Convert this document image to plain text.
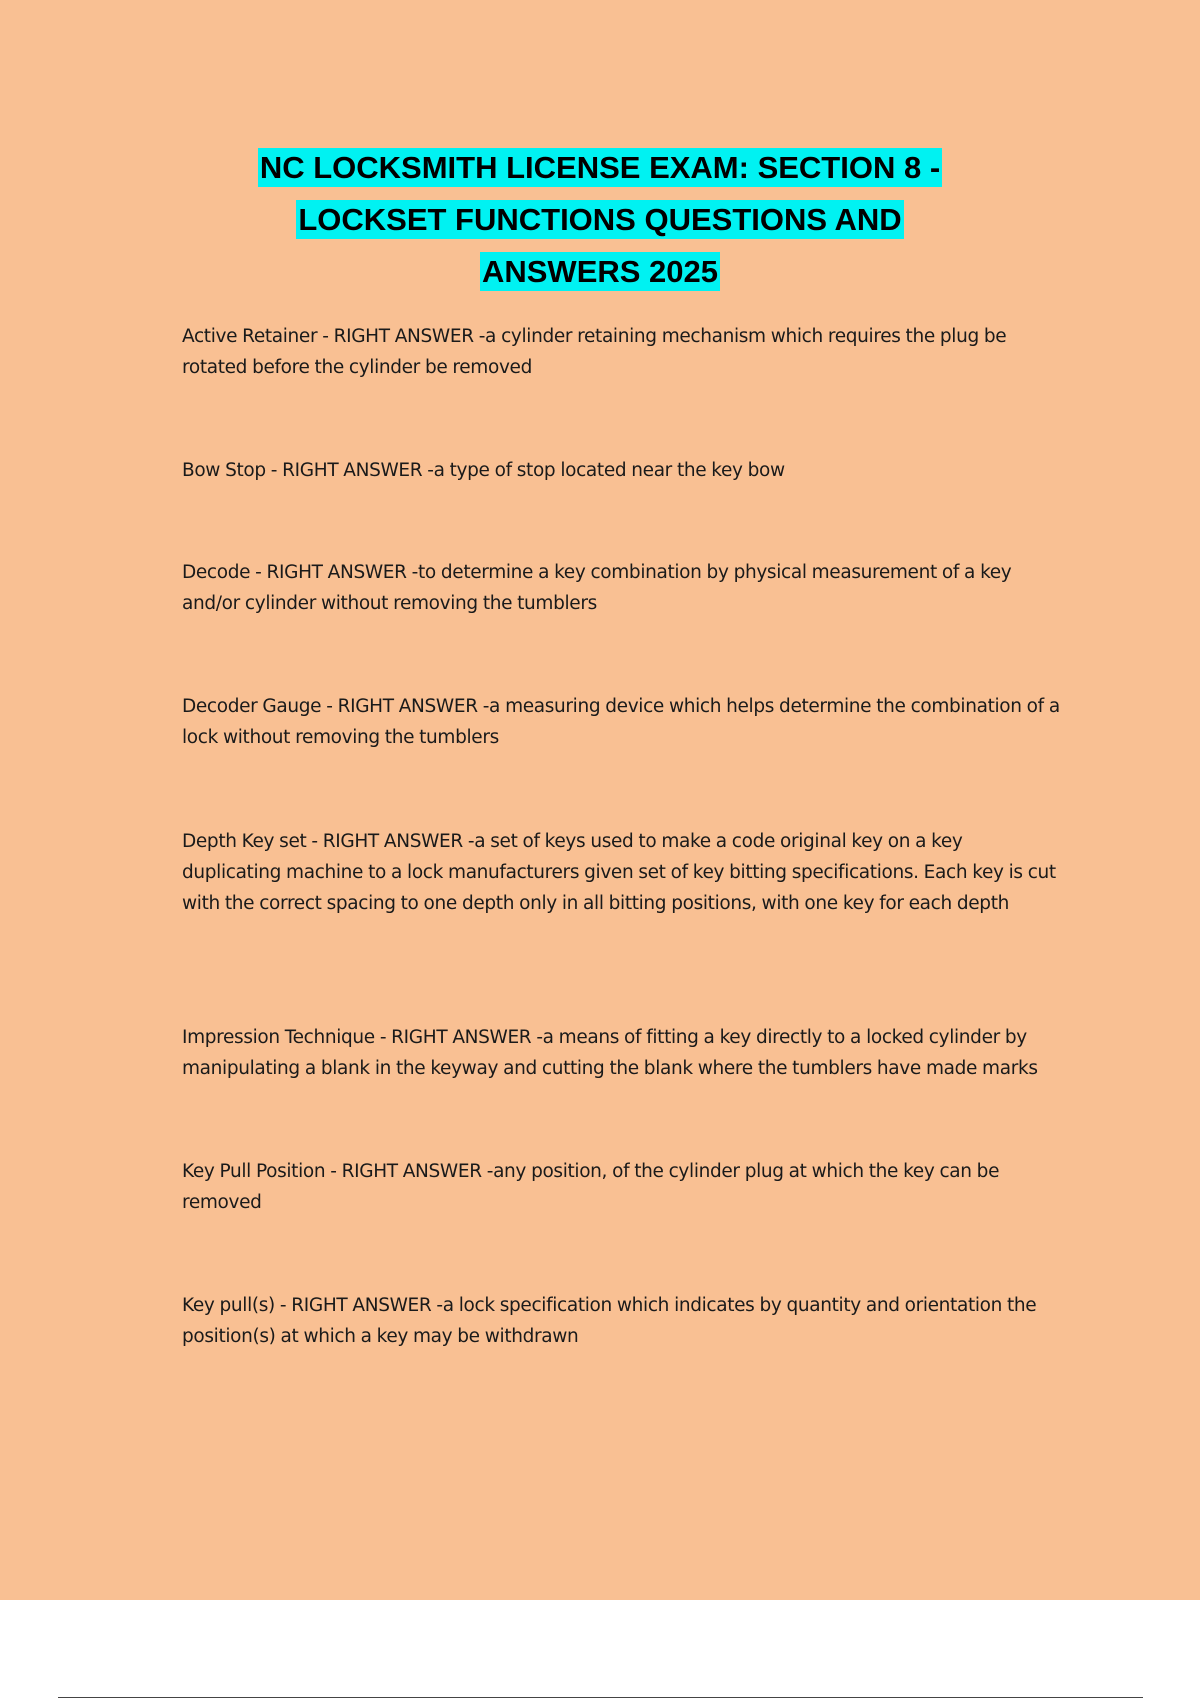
NC LOCKSMITH LICENSE EXAM: SECTION 8 -
LOCKSET FUNCTIONS QUESTIONS AND
ANSWERS 2025

Active Retainer - RIGHT ANSWER -a cylinder retaining mechanism which requires the plug be rotated before the cylinder be removed

Bow Stop - RIGHT ANSWER -a type of stop located near the key bow

Decode - RIGHT ANSWER -to determine a key combination by physical measurement of a key and/or cylinder without removing the tumblers

Decoder Gauge - RIGHT ANSWER -a measuring device which helps determine the combination of a lock without removing the tumblers

Depth Key set - RIGHT ANSWER -a set of keys used to make a code original key on a key duplicating machine to a lock manufacturers given set of key bitting specifications. Each key is cut with the correct spacing to one depth only in all bitting positions, with one key for each depth

Impression Technique - RIGHT ANSWER -a means of fitting a key directly to a locked cylinder by manipulating a blank in the keyway and cutting the blank where the tumblers have made marks

Key Pull Position - RIGHT ANSWER -any position, of the cylinder plug at which the key can be removed

Key pull(s) - RIGHT ANSWER -a lock specification which indicates by quantity and orientation the position(s) at which a key may be withdrawn
